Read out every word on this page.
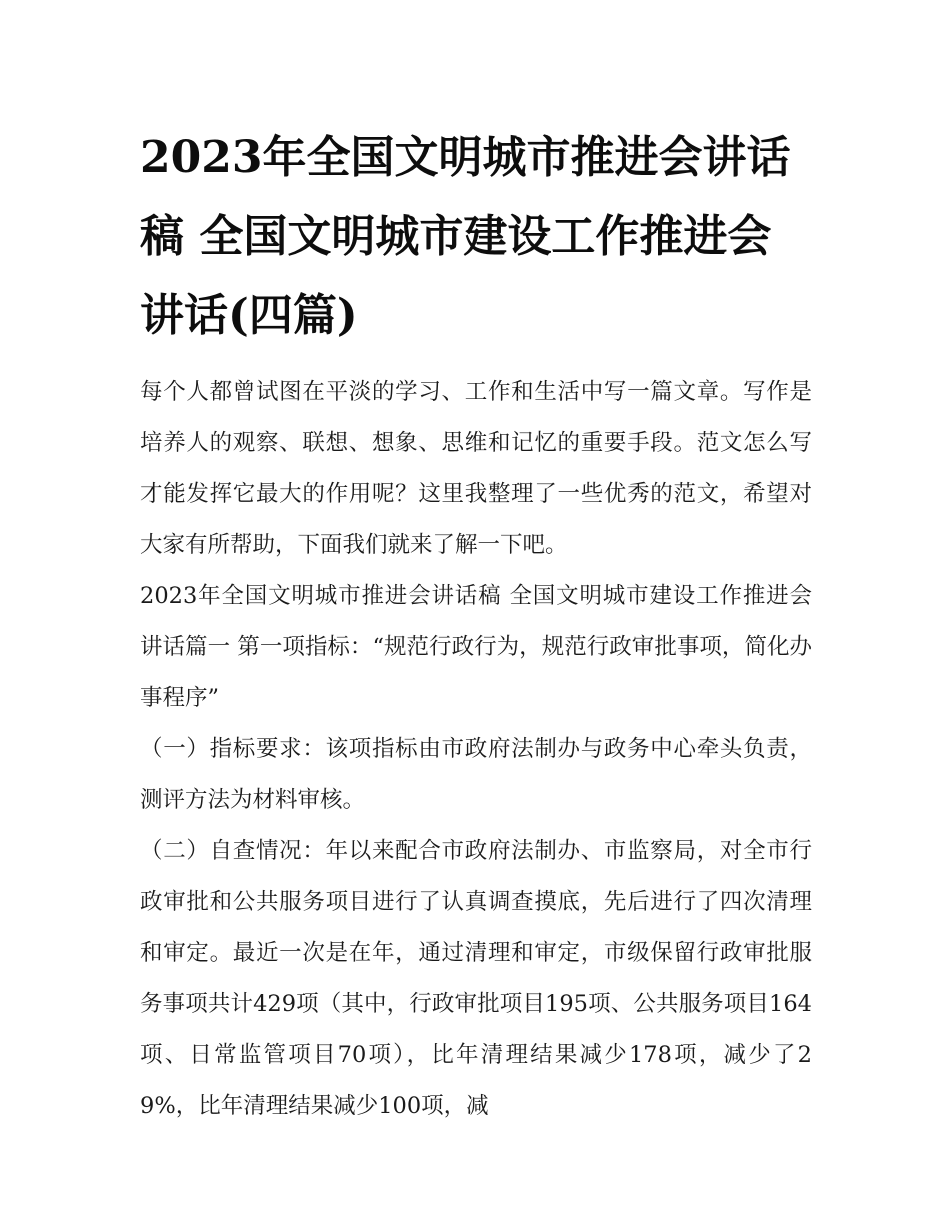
2023年全国文明城市推进会讲话稿 全国文明城市建设工作推进会 讲话(四篇)

每个人都曾试图在平淡的学习、工作和生活中写一篇文章。写作是培养人的观察、联想、想象、思维和记忆的重要手段。范文怎么写才能发挥它最大的作用呢？这里我整理了一些优秀的范文，希望对大家有所帮助，下面我们就来了解一下吧。

2023年全国文明城市推进会讲话稿 全国文明城市建设工作推进会 讲话篇一 第一项指标：“规范行政行为，规范行政审批事项，简化办事程序”

（一）指标要求：该项指标由市政府法制办与政务中心牵头负责，测评方法为材料审核。

（二）自查情况：年以来配合市政府法制办、市监察局，对全市行政审批和公共服务项目进行了认真调查摸底，先后进行了四次清理和审定。最近一次是在年，通过清理和审定，市级保留行政审批服务事项共计429项（其中，行政审批项目195项、公共服务项目164项、日常监管项目70项），比年清理结果减少178项，减少了29%，比年清理结果减少100项，减
